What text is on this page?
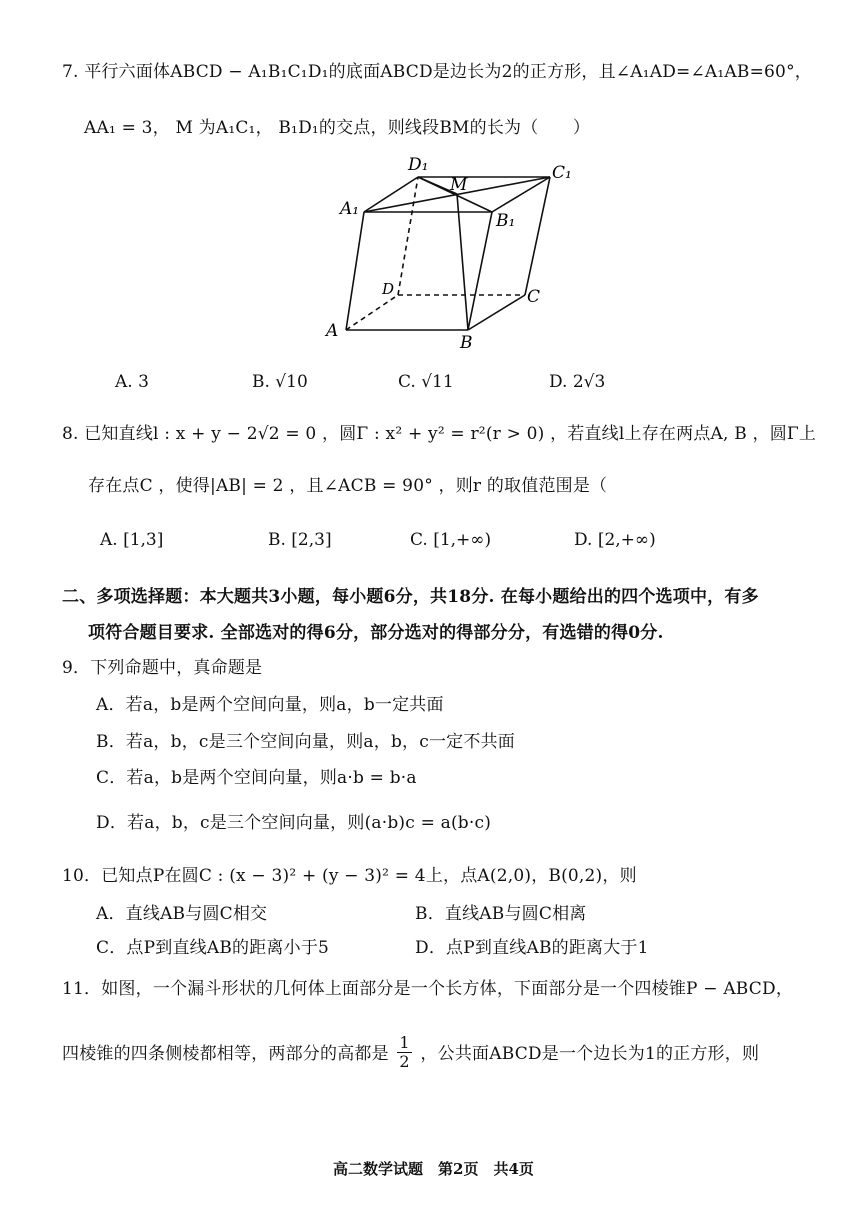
7. 平行六面体ABCD − A₁B₁C₁D₁的底面ABCD是边长为2的正方形，且∠A₁AD=∠A₁AB=60°，
AA₁ = 3， M 为A₁C₁， B₁D₁的交点，则线段BM的长为（　　）
D₁	C₁
A₁
B₁
M
A
B
C
D
A. 3	B. √10	C. √11	D. 2√3
8. 已知直线l : x + y − 2√2 = 0 ，圆Γ : x² + y² = r²(r > 0) ，若直线l上存在两点A, B ，圆Γ上
存在点C ，使得|AB| = 2 ，且∠ACB = 90° ，则r 的取值范围是（
A. [1,3]	B. [2,3]	C. [1,+∞)	D. [2,+∞)
二、多项选择题：本大题共3小题，每小题6分，共18分. 在每小题给出的四个选项中，有多
项符合题目要求. 全部选对的得6分，部分选对的得部分分，有选错的得0分.
9．下列命题中，真命题是
A．若a，b是两个空间向量，则a，b一定共面
B．若a，b，c是三个空间向量，则a，b，c一定不共面
C．若a，b是两个空间向量，则a·b = b·a
D．若a，b，c是三个空间向量，则(a·b)c = a(b·c)
10．已知点P在圆C : (x − 3)² + (y − 3)² = 4上，点A(2,0)，B(0,2)，则
A．直线AB与圆C相交	B．直线AB与圆C相离
C．点P到直线AB的距离小于5	D．点P到直线AB的距离大于1
11．如图，一个漏斗形状的几何体上面部分是一个长方体，下面部分是一个四棱锥P − ABCD，
四棱锥的四条侧棱都相等，两部分的高都是 $\frac{1}{2}$ ，公共面ABCD是一个边长为1的正方形，则
高二数学试题　第2页　共4页
